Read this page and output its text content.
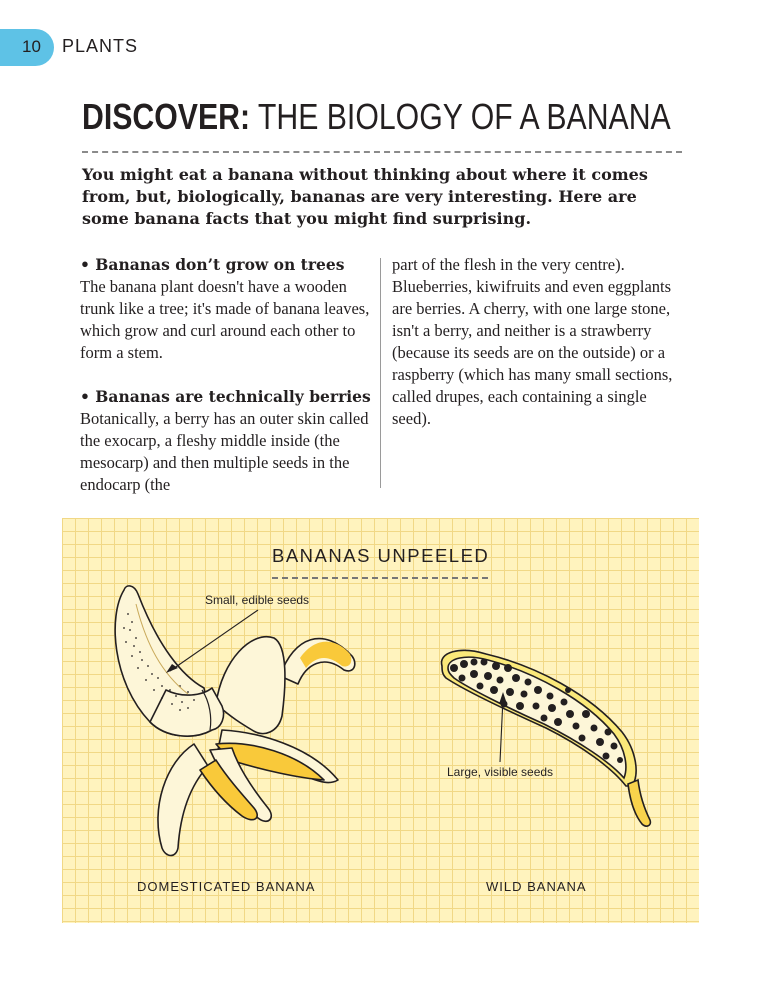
10 PLANTS
DISCOVER: THE BIOLOGY OF A BANANA

You might eat a banana without thinking about where it comes from, but, biologically, bananas are very interesting. Here are some banana facts that you might find surprising.

• Bananas don’t grow on trees

The banana plant doesn't have a wooden trunk like a tree; it's made of banana leaves, which grow and curl around each other to form a stem.

• Bananas are technically berries

Botanically, a berry has an outer skin called the exocarp, a fleshy middle inside (the mesocarp) and then multiple seeds in the endocarp (the

part of the flesh in the very centre). Blueberries, kiwifruits and even eggplants are berries. A cherry, with one large stone, isn't a berry, and neither is a strawberry (because its seeds are on the outside) or a raspberry (which has many small sections, called drupes, each containing a single seed).

BANANAS UNPEELED
Small, edible seeds
Large, visible seeds
DOMESTICATED BANANA	WILD BANANA
